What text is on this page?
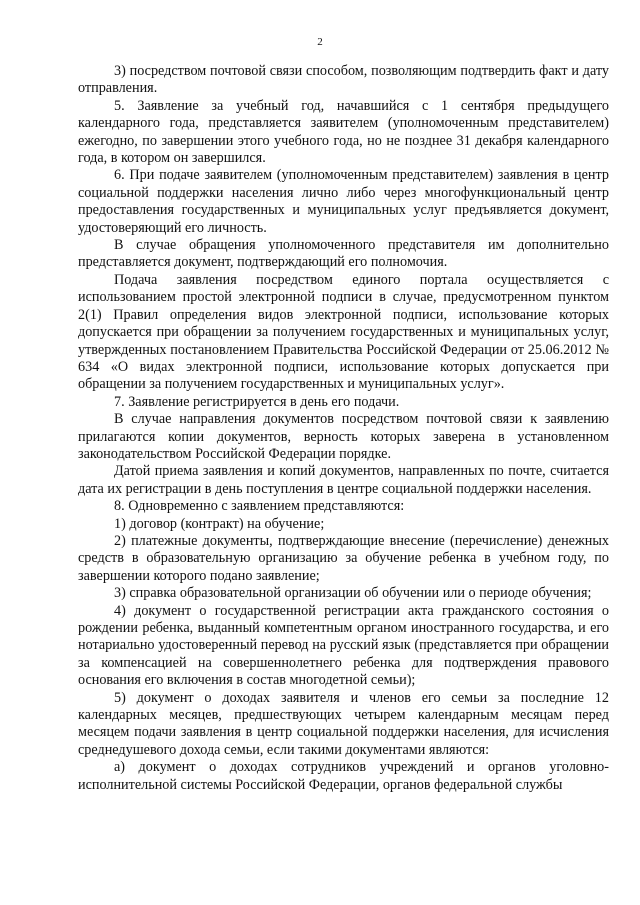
2

3) посредством почтовой связи способом, позволяющим подтвердить факт и дату отправления.

5. Заявление за учебный год, начавшийся с 1 сентября предыдущего календарного года, представляется заявителем (уполномоченным представителем) ежегодно, по завершении этого учебного года, но не позднее 31 декабря календарного года, в котором он завершился.

6. При подаче заявителем (уполномоченным представителем) заявления в центр социальной поддержки населения лично либо через многофункциональный центр предоставления государственных и муниципальных услуг предъявляется документ, удостоверяющий его личность.

В случае обращения уполномоченного представителя им дополнительно представляется документ, подтверждающий его полномочия.

Подача заявления посредством единого портала осуществляется с использованием простой электронной подписи в случае, предусмотренном пунктом 2(1) Правил определения видов электронной подписи, использование которых допускается при обращении за получением государственных и муниципальных услуг, утвержденных постановлением Правительства Российской Федерации от 25.06.2012 № 634 «О видах электронной подписи, использование которых допускается при обращении за получением государственных и муниципальных услуг».

7. Заявление регистрируется в день его подачи.

В случае направления документов посредством почтовой связи к заявлению прилагаются копии документов, верность которых заверена в установленном законодательством Российской Федерации порядке.

Датой приема заявления и копий документов, направленных по почте, считается дата их регистрации в день поступления в центре социальной поддержки населения.

8. Одновременно с заявлением представляются:

1) договор (контракт) на обучение;

2) платежные документы, подтверждающие внесение (перечисление) денежных средств в образовательную организацию за обучение ребенка в учебном году, по завершении которого подано заявление;

3) справка образовательной организации об обучении или о периоде обучения;

4) документ о государственной регистрации акта гражданского состояния о рождении ребенка, выданный компетентным органом иностранного государства, и его нотариально удостоверенный перевод на русский язык (представляется при обращении за компенсацией на совершеннолетнего ребенка для подтверждения правового основания его включения в состав многодетной семьи);

5) документ о доходах заявителя и членов его семьи за последние 12 календарных месяцев, предшествующих четырем календарным месяцам перед месяцем подачи заявления в центр социальной поддержки населения, для исчисления среднедушевого дохода семьи, если такими документами являются:

а) документ о доходах сотрудников учреждений и органов уголовно-исполнительной системы Российской Федерации, органов федеральной службы
